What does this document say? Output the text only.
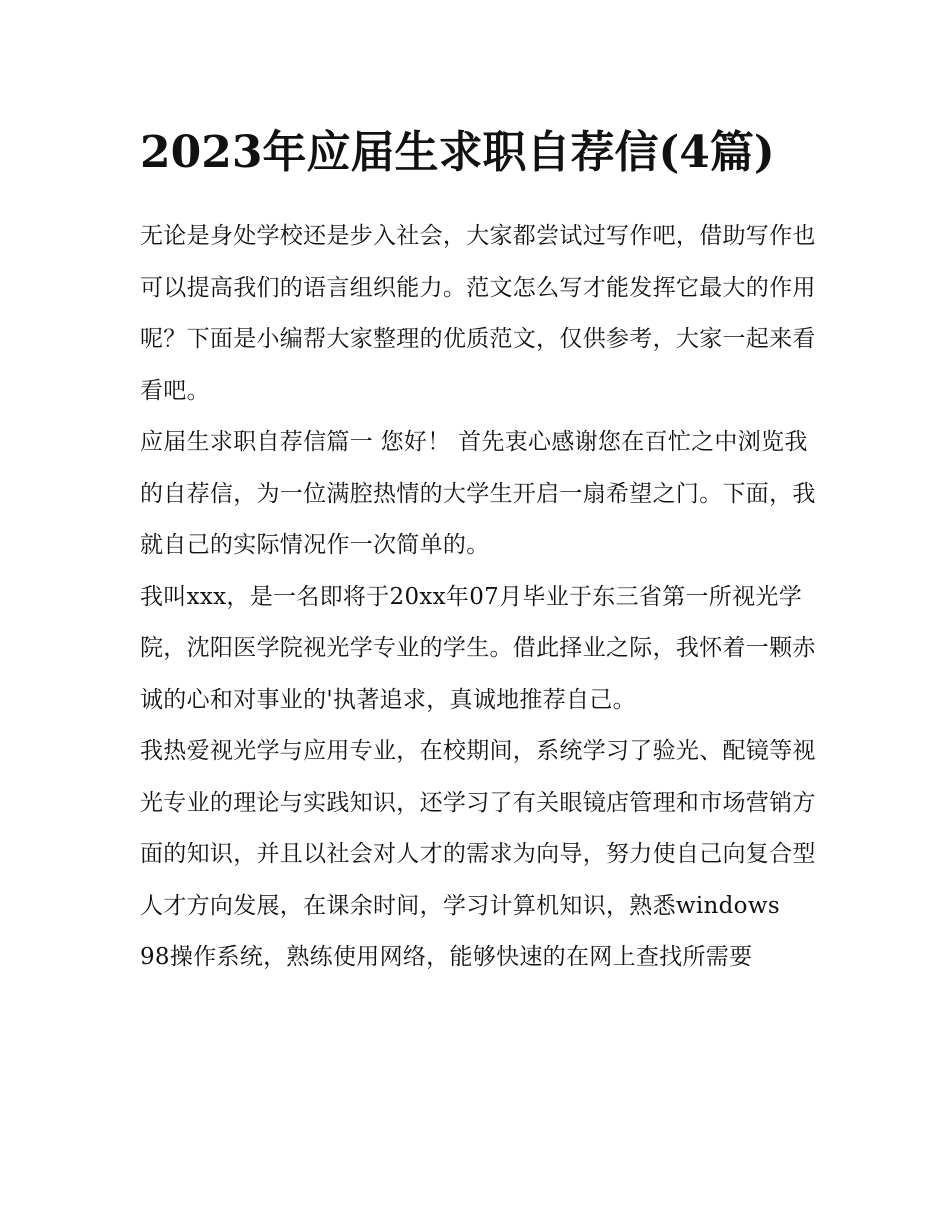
2023年应届生求职自荐信(4篇)

无论是身处学校还是步入社会，大家都尝试过写作吧，借助写作也可以提高我们的语言组织能力。范文怎么写才能发挥它最大的作用呢？下面是小编帮大家整理的优质范文，仅供参考，大家一起来看看吧。

应届生求职自荐信篇一 您好！ 首先衷心感谢您在百忙之中浏览我的自荐信，为一位满腔热情的大学生开启一扇希望之门。下面，我就自己的实际情况作一次简单的。

我叫xxx，是一名即将于20xx年07月毕业于东三省第一所视光学院，沈阳医学院视光学专业的学生。借此择业之际，我怀着一颗赤诚的心和对事业的'执著追求，真诚地推荐自己。

我热爱视光学与应用专业，在校期间，系统学习了验光、配镜等视光专业的理论与实践知识，还学习了有关眼镜店管理和市场营销方面的知识，并且以社会对人才的需求为向导，努力使自己向复合型人才方向发展，在课余时间，学习计算机知识，熟悉windows

98操作系统，熟练使用网络，能够快速的在网上查找所需要
